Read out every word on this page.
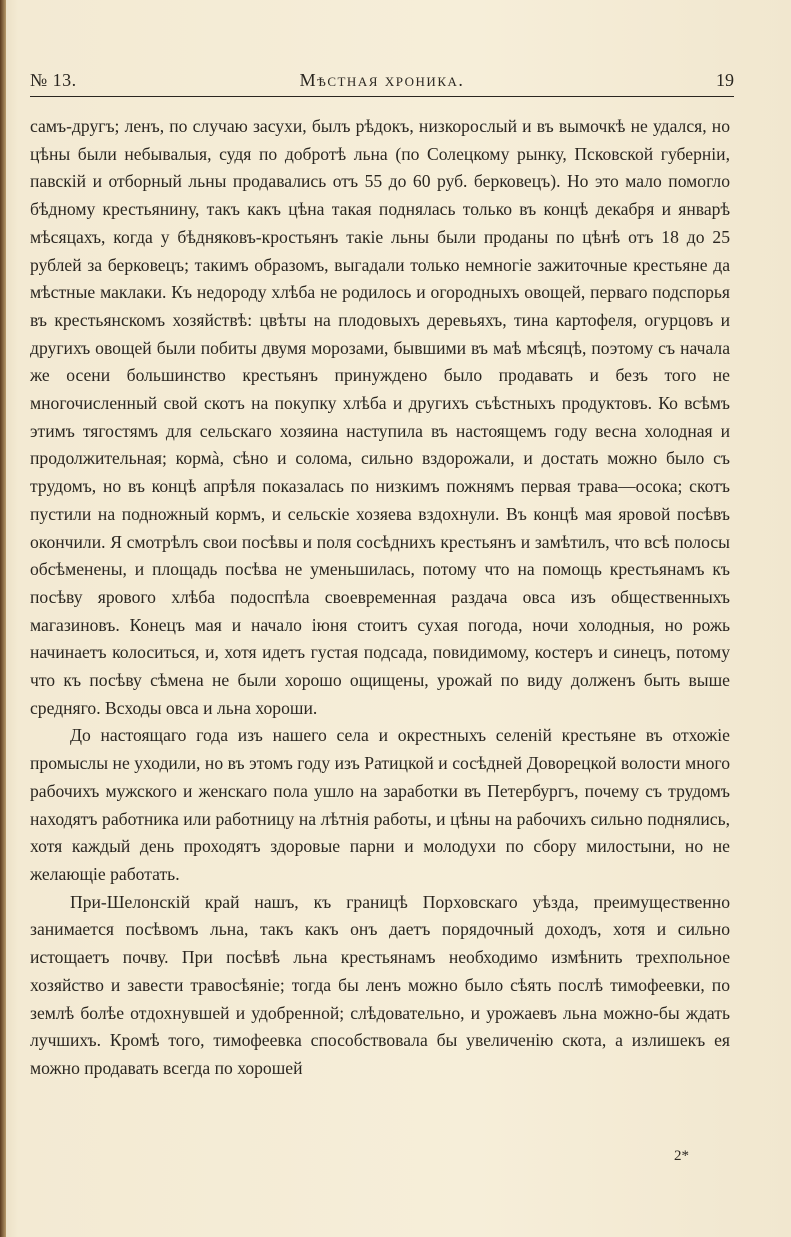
№ 13.	Мѣстная хроника.	19

самъ-другъ; ленъ, по случаю засухи, былъ рѣдокъ, низкорослый и въ вымочкѣ не удался, но цѣны были небывалыя, судя по добротѣ льна (по Солецкому рынку, Псковской губерніи, павскій и отборный льны продавались отъ 55 до 60 руб. берковецъ). Но это мало помогло бѣдному крестьянину, такъ какъ цѣна такая поднялась только въ концѣ декабря и январѣ мѣсяцахъ, когда у бѣдняковъ-кростьянъ такіе льны были проданы по цѣнѣ отъ 18 до 25 рублей за берковецъ; такимъ образомъ, выгадали только немногіе зажиточные крестьяне да мѣстные маклаки. Къ недороду хлѣба не родилось и огородныхъ овощей, перваго подспорья въ крестьянскомъ хозяйствѣ: цвѣты на плодовыхъ деревьяхъ, тина картофеля, огурцовъ и другихъ овощей были побиты двумя морозами, бывшими въ маѣ мѣсяцѣ, поэтому съ начала же осени большинство крестьянъ принуждено было продавать и безъ того не многочисленный свой скотъ на покупку хлѣба и другихъ съѣстныхъ продуктовъ. Ко всѣмъ этимъ тягостямъ для сельскаго хозяина наступила въ настоящемъ году весна холодная и продолжительная; кормà, сѣно и солома, сильно вздорожали, и достать можно было съ трудомъ, но въ концѣ апрѣля показалась по низкимъ пожнямъ первая трава—осока; скотъ пустили на подножный кормъ, и сельскіе хозяева вздохнули. Въ концѣ мая яровой посѣвъ окончили. Я смотрѣлъ свои посѣвы и поля сосѣднихъ крестьянъ и замѣтилъ, что всѣ полосы обсѣменены, и площадь посѣва не уменьшилась, потому что на помощь крестьянамъ къ посѣву ярового хлѣба подоспѣла своевременная раздача овса изъ общественныхъ магазиновъ. Конецъ мая и начало іюня стоитъ сухая погода, ночи холодныя, но рожь начинаетъ колоситься, и, хотя идетъ густая подсада, повидимому, костеръ и синецъ, потому что къ посѣву сѣмена не были хорошо ощищены, урожай по виду долженъ быть выше средняго. Всходы овса и льна хороши.

До настоящаго года изъ нашего села и окрестныхъ селеній крестьяне въ отхожіе промыслы не уходили, но въ этомъ году изъ Ратицкой и сосѣдней Доворецкой волости много рабочихъ мужского и женскаго пола ушло на заработки въ Петербургъ, почему съ трудомъ находятъ работника или работницу на лѣтнія работы, и цѣны на рабочихъ сильно поднялись, хотя каждый день проходятъ здоровые парни и молодухи по сбору милостыни, но не желающіе работать.

При-Шелонскій край нашъ, къ границѣ Порховскаго уѣзда, преимущественно занимается посѣвомъ льна, такъ какъ онъ даетъ порядочный доходъ, хотя и сильно истощаетъ почву. При посѣвѣ льна крестьянамъ необходимо измѣнить трехпольное хозяйство и завести травосѣяніе; тогда бы ленъ можно было сѣять послѣ тимофеевки, по землѣ болѣе отдохнувшей и удобренной; слѣдовательно, и урожаевъ льна можно-бы ждать лучшихъ. Кромѣ того, тимофеевка способствовала бы увеличенію скота, а излишекъ ея можно продавать всегда по хорошей

2*
